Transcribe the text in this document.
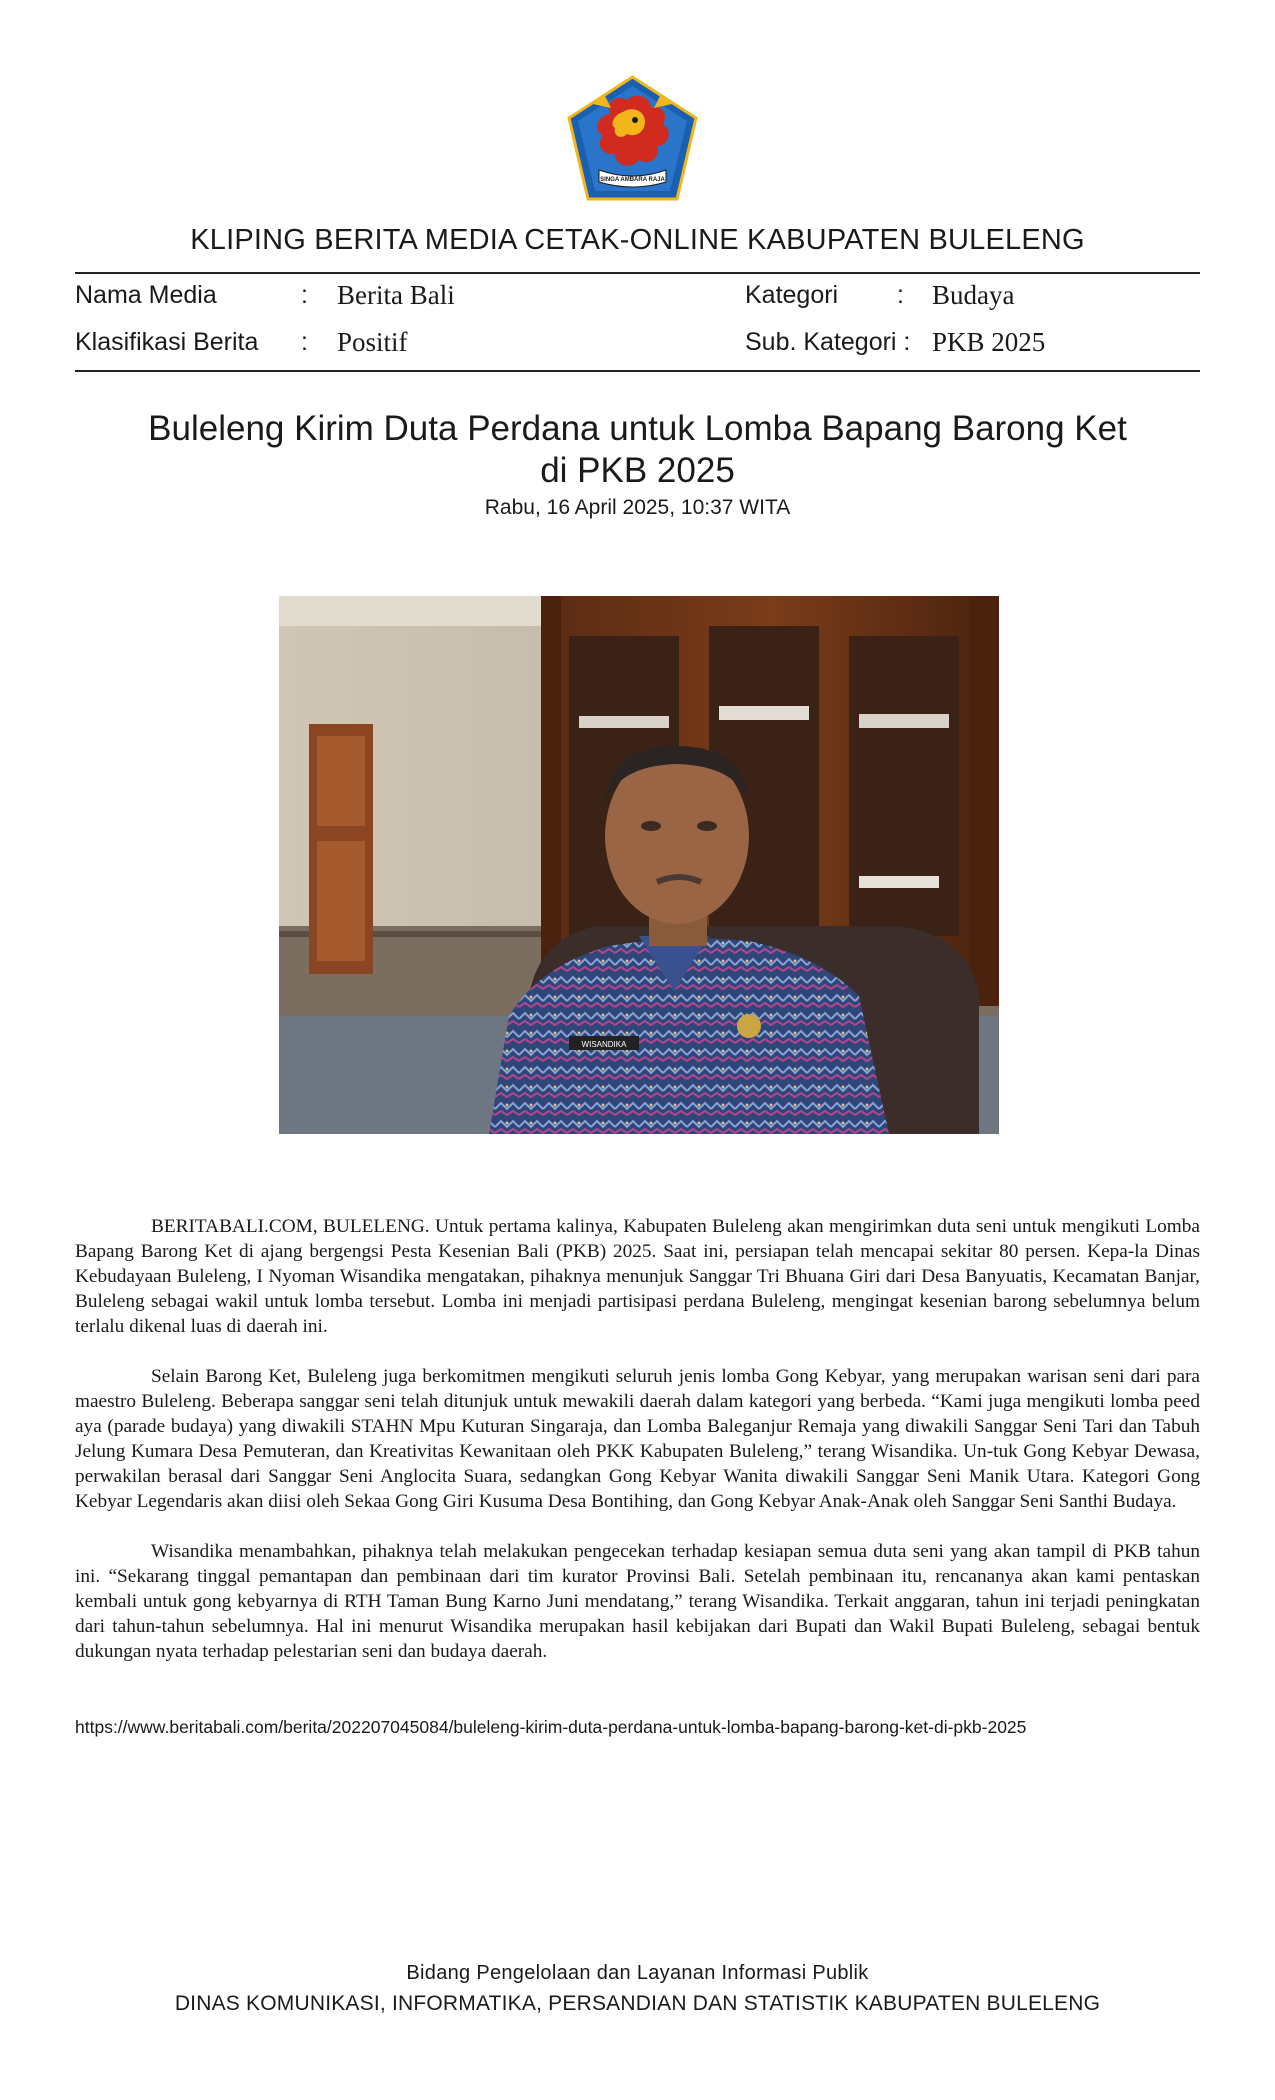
SINGA AMBARA RAJA
KLIPING BERITA MEDIA CETAK-ONLINE KABUPATEN BULELENG
Nama Media	: Berita Bali	Kategori : Budaya
Klasifikasi Berita : Positif	Sub. Kategori : PKB 2025
Buleleng Kirim Duta Perdana untuk Lomba Bapang Barong Ket
di PKB 2025
Rabu, 16 April 2025, 10:37 WITA
WISANDIKA

BERITABALI.COM, BULELENG. Untuk pertama kalinya, Kabupaten Buleleng akan mengirimkan duta seni untuk mengikuti Lomba Bapang Barong Ket di ajang bergengsi Pesta Kesenian Bali (PKB) 2025. Saat ini, persiapan telah mencapai sekitar 80 persen. Kepa-la Dinas Kebudayaan Buleleng, I Nyoman Wisandika mengatakan, pihaknya menunjuk Sanggar Tri Bhuana Giri dari Desa Banyuatis, Kecamatan Banjar, Buleleng sebagai wakil untuk lomba tersebut. Lomba ini menjadi partisipasi perdana Buleleng, mengingat kesenian barong sebelumnya belum terlalu dikenal luas di daerah ini.

Selain Barong Ket, Buleleng juga berkomitmen mengikuti seluruh jenis lomba Gong Kebyar, yang merupakan warisan seni dari para maestro Buleleng. Beberapa sanggar seni telah ditunjuk untuk mewakili daerah dalam kategori yang berbeda. “Kami juga mengikuti lomba peed aya (parade budaya) yang diwakili STAHN Mpu Kuturan Singaraja, dan Lomba Baleganjur Remaja yang diwakili Sanggar Seni Tari dan Tabuh Jelung Kumara Desa Pemuteran, dan Kreativitas Kewanitaan oleh PKK Kabupaten Buleleng,” terang Wisandika. Un-tuk Gong Kebyar Dewasa, perwakilan berasal dari Sanggar Seni Anglocita Suara, sedangkan Gong Kebyar Wanita diwakili Sanggar Seni Manik Utara. Kategori Gong Kebyar Legendaris akan diisi oleh Sekaa Gong Giri Kusuma Desa Bontihing, dan Gong Kebyar Anak-Anak oleh Sanggar Seni Santhi Budaya.

Wisandika menambahkan, pihaknya telah melakukan pengecekan terhadap kesiapan semua duta seni yang akan tampil di PKB tahun ini. “Sekarang tinggal pemantapan dan pembinaan dari tim kurator Provinsi Bali. Setelah pembinaan itu, rencananya akan kami pentaskan kembali untuk gong kebyarnya di RTH Taman Bung Karno Juni mendatang,” terang Wisandika. Terkait anggaran, tahun ini terjadi peningkatan dari tahun-tahun sebelumnya. Hal ini menurut Wisandika merupakan hasil kebijakan dari Bupati dan Wakil Bupati Buleleng, sebagai bentuk dukungan nyata terhadap pelestarian seni dan budaya daerah.

https://www.beritabali.com/berita/202207045084/buleleng-kirim-duta-perdana-untuk-lomba-bapang-barong-ket-di-pkb-2025
Bidang Pengelolaan dan Layanan Informasi Publik
DINAS KOMUNIKASI, INFORMATIKA, PERSANDIAN DAN STATISTIK KABUPATEN BULELENG
